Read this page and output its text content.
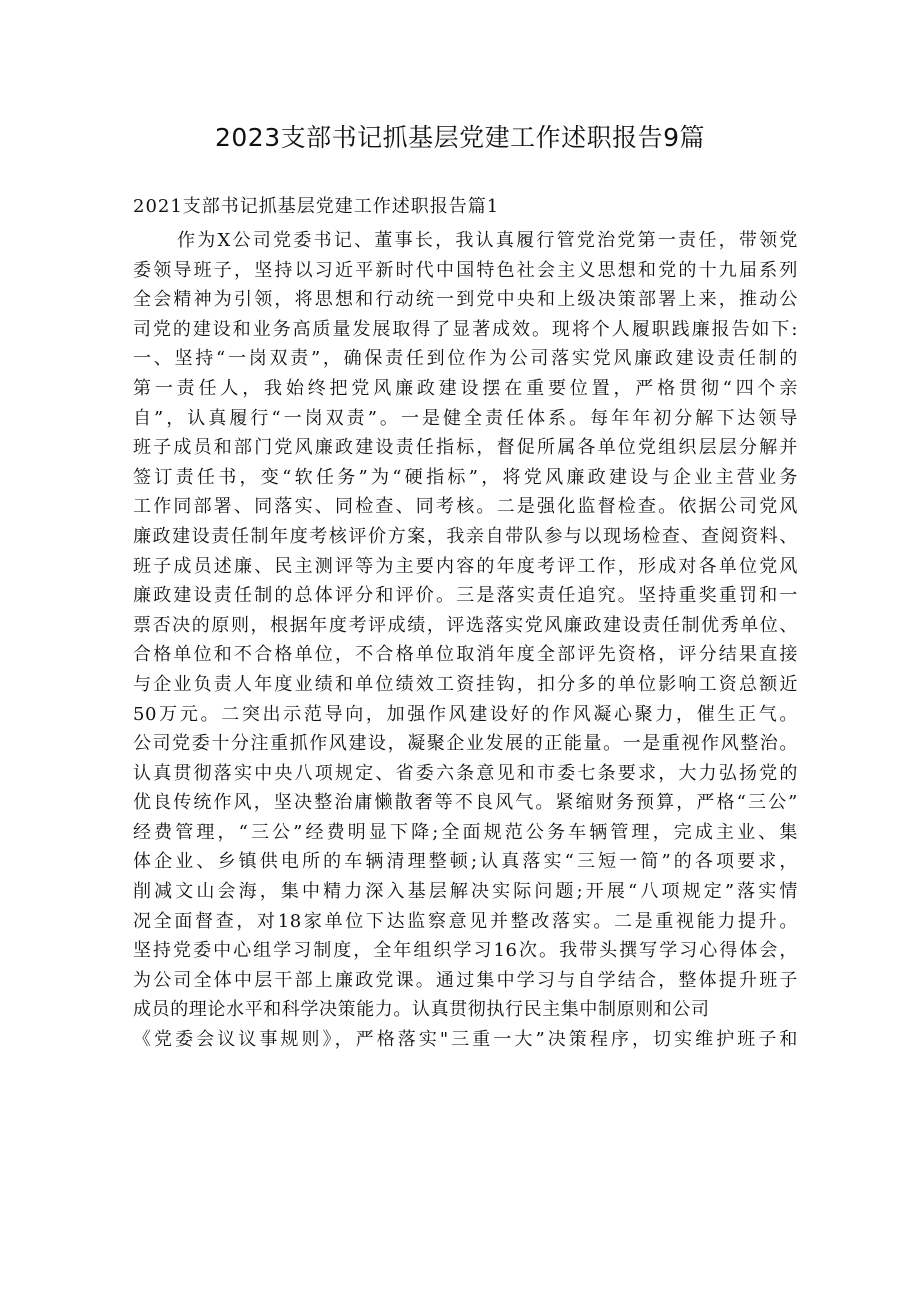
2023支部书记抓基层党建工作述职报告9篇
2021支部书记抓基层党建工作述职报告篇1
作为X公司党委书记、董事长，我认真履行管党治党第一责任，带领党
委领导班子，坚持以习近平新时代中国特色社会主义思想和党的十九届系列
全会精神为引领，将思想和行动统一到党中央和上级决策部署上来，推动公
司党的建设和业务高质量发展取得了显著成效。现将个人履职践廉报告如下:
一、坚持“一岗双责”，确保责任到位作为公司落实党风廉政建设责任制的
第一责任人，我始终把党风廉政建设摆在重要位置，严格贯彻“四个亲
自”，认真履行“一岗双责”。一是健全责任体系。每年年初分解下达领导
班子成员和部门党风廉政建设责任指标，督促所属各单位党组织层层分解并
签订责任书，变“软任务”为“硬指标”，将党风廉政建设与企业主营业务
工作同部署、同落实、同检查、同考核。二是强化监督检查。依据公司党风
廉政建设责任制年度考核评价方案，我亲自带队参与以现场检查、查阅资料、
班子成员述廉、民主测评等为主要内容的年度考评工作，形成对各单位党风
廉政建设责任制的总体评分和评价。三是落实责任追究。坚持重奖重罚和一
票否决的原则，根据年度考评成绩，评选落实党风廉政建设责任制优秀单位、
合格单位和不合格单位，不合格单位取消年度全部评先资格，评分结果直接
与企业负责人年度业绩和单位绩效工资挂钩，扣分多的单位影响工资总额近
50万元。二突出示范导向，加强作风建设好的作风凝心聚力，催生正气。
公司党委十分注重抓作风建设，凝聚企业发展的正能量。一是重视作风整治。
认真贯彻落实中央八项规定、省委六条意见和市委七条要求，大力弘扬党的
优良传统作风，坚决整治庸懒散奢等不良风气。紧缩财务预算，严格“三公”
经费管理，“三公”经费明显下降;全面规范公务车辆管理，完成主业、集
体企业、乡镇供电所的车辆清理整顿;认真落实“三短一简”的各项要求，
削减文山会海，集中精力深入基层解决实际问题;开展“八项规定”落实情
况全面督查，对18家单位下达监察意见并整改落实。二是重视能力提升。
坚持党委中心组学习制度，全年组织学习16次。我带头撰写学习心得体会，
为公司全体中层干部上廉政党课。通过集中学习与自学结合，整体提升班子
成员的理论水平和科学决策能力。认真贯彻执行民主集中制原则和公司
《党委会议议事规则》，严格落实"三重一大”决策程序，切实维护班子和
